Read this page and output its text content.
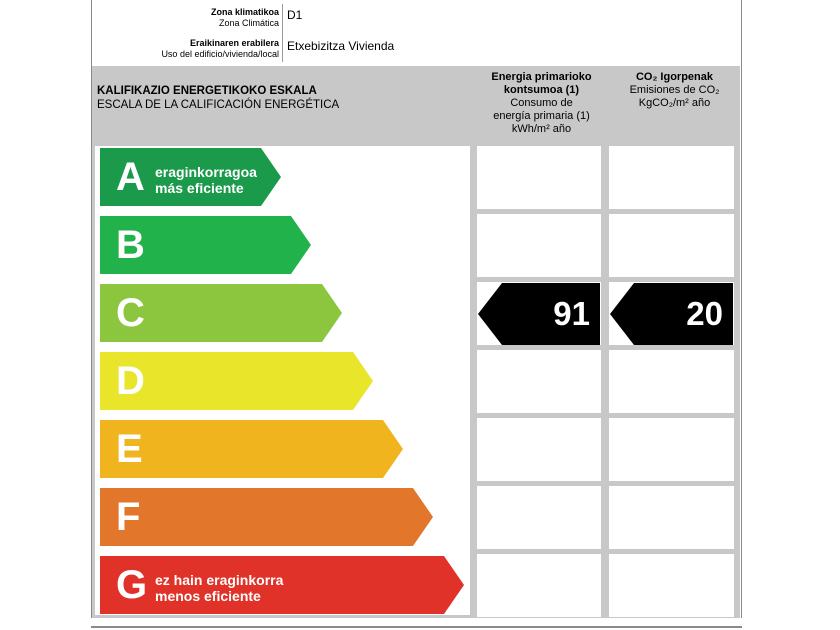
Zona klimatikoa
Zona Climática
D1
Eraikinaren erabilera
Uso del edificio/vivienda/local
Etxebizitza Vivienda
KALIFIKAZIO ENERGETIKOKO ESKALA
ESCALA DE LA CALIFICACIÓN ENERGÉTICA
Energia primarioko
kontsumoa (1)
Consumo de
energía primaria (1)
kWh/m² año
CO₂ Igorpenak
Emisiones de CO₂
KgCO₂/m² año
A eraginkorragoa
más eficiente
B
C
D
E
F
G ez hain eraginkorra
menos eficiente
91	20
